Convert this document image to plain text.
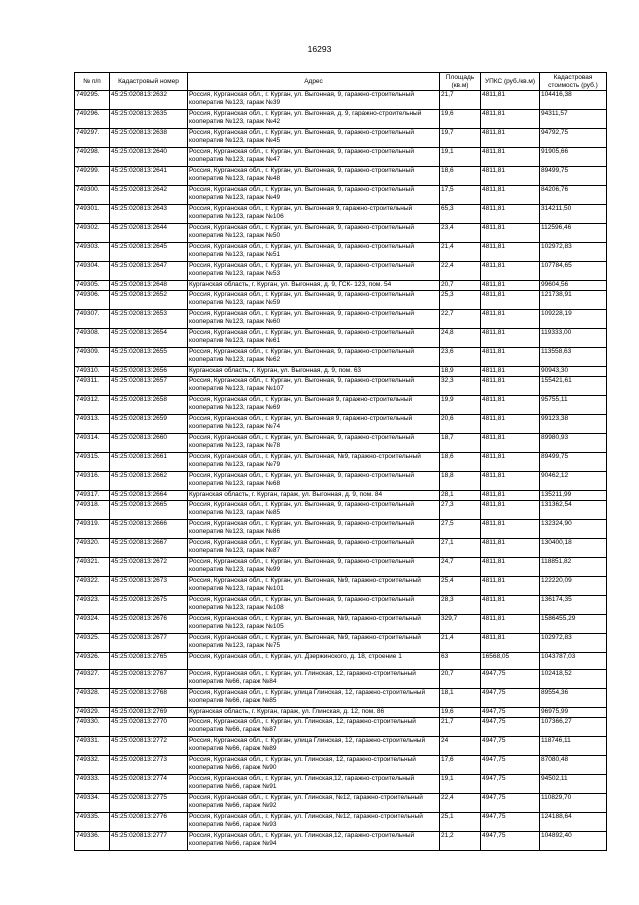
16293
№ п/п	Кадастровый номер	Адрес	Площадь (кв.м)	УПКС (руб./кв.м)	Кадастровая стоимость (руб.)
749295.	45:25:020813:2632	Россия, Курганская обл., г. Курган, ул. Выгонная, 9, гаражно-строительный кооператив №123, гараж №39	21,7	4811,81	104416,38
749296.	45:25:020813:2635	Россия, Курганская обл., г. Курган, ул. Выгонная, д. 9, гаражно-строительный кооператив №123, гараж №42	19,6	4811,81	94311,57
749297.	45:25:020813:2638	Россия, Курганская обл., г. Курган, ул. Выгонная, 9, гаражно-строительный кооператив №123, гараж №45	19,7	4811,81	94792,75
749298.	45:25:020813:2640	Россия, Курганская обл., г. Курган, ул. Выгонная, 9, гаражно-строительный кооператив №123, гараж №47	19,1	4811,81	91905,66
749299.	45:25:020813:2641	Россия, Курганская обл., г. Курган, ул. Выгонная, 9, гаражно-строительный кооператив №123, гараж №48	18,6	4811,81	89499,75
749300.	45:25:020813:2642	Россия, Курганская обл., г. Курган, ул. Выгонная, 9, гаражно-строительный кооператив №123, гараж №49	17,5	4811,81	84206,76
749301.	45:25:020813:2643	Россия, Курганская обл., г. Курган, ул. Выгонная 9, гаражно-строительный кооператив №123, гараж №106	65,3	4811,81	314211,50
749302.	45:25:020813:2644	Россия, Курганская обл., г. Курган, ул. Выгонная, 9, гаражно-строительный кооператив №123, гараж №50	23,4	4811,81	112596,46
749303.	45:25:020813:2645	Россия, Курганская обл., г. Курган, ул. Выгонная, 9, гаражно-строительный кооператив №123, гараж №51	21,4	4811,81	102972,83
749304.	45:25:020813:2647	Россия, Курганская обл., г. Курган, ул. Выгонная, 9, гаражно-строительный кооператив №123, гараж №53	22,4	4811,81	107784,65
749305.	45:25:020813:2648	Курганская область, г. Курган, ул. Выгонная, д. 9, ГСК- 123, пом. 54	20,7	4811,81	99604,56
749306.	45:25:020813:2652	Россия, Курганская обл., г. Курган, ул. Выгонная, 9, гаражно-строительный кооператив №123, гараж №59	25,3	4811,81	121738,91
749307.	45:25:020813:2653	Россия, Курганская обл., г. Курган, ул. Выгонная, 9, гаражно-строительный кооператив №123, гараж №60	22,7	4811,81	109228,19
749308.	45:25:020813:2654	Россия, Курганская обл., г. Курган, ул. Выгонная, 9, гаражно-строительный кооператив №123, гараж №61	24,8	4811,81	119333,00
749309.	45:25:020813:2655	Россия, Курганская обл., г. Курган, ул. Выгонная, 9, гаражно-строительный кооператив №123, гараж №62	23,6	4811,81	113558,63
749310.	45:25:020813:2656	Курганская область, г. Курган, ул. Выгонная, д. 9, пом. 63	18,9	4811,81	90943,30
749311.	45:25:020813:2657	Россия, Курганская обл., г. Курган, ул. Выгонная, 9, гаражно-строительный кооператив №123, гараж №107	32,3	4811,81	155421,61
749312.	45:25:020813:2658	Россия, Курганская обл., г. Курган, ул. Выгонная 9, гаражно-строительный кооператив №123, гараж №69	19,9	4811,81	95755,11
749313.	45:25:020813:2659	Россия, Курганская обл., г. Курган, ул. Выгонная 9, гаражно-строительный кооператив №123, гараж №74	20,6	4811,81	99123,38
749314.	45:25:020813:2660	Россия, Курганская обл., г. Курган, ул. Выгонная, 9, гаражно-строительный кооператив №123, гараж №78	18,7	4811,81	89980,93
749315.	45:25:020813:2661	Россия, Курганская обл., г. Курган, ул. Выгонная, №9, гаражно-строительный кооператив №123, гараж №79	18,6	4811,81	89499,75
749316.	45:25:020813:2662	Россия, Курганская обл., г. Курган, ул. Выгонная, 9, гаражно-строительный кооператив №123, гараж №68	18,8	4811,81	90462,12
749317.	45:25:020813:2664	Курганская область, г. Курган, гараж, ул. Выгонная, д. 9, пом. 84	28,1	4811,81	135211,99
749318.	45:25:020813:2665	Россия, Курганская обл., г. Курган, ул. Выгонная, 9, гаражно-строительный кооператив №123, гараж №85	27,3	4811,81	131362,54
749319.	45:25:020813:2666	Россия, Курганская обл., г. Курган, ул. Выгонная, 9, гаражно-строительный кооператив №123, гараж №86	27,5	4811,81	132324,90
749320.	45:25:020813:2667	Россия, Курганская обл., г. Курган, ул. Выгонная, 9, гаражно-строительный кооператив №123, гараж №87	27,1	4811,81	130400,18
749321.	45:25:020813:2672	Россия, Курганская обл., г. Курган, ул. Выгонная, 9, гаражно-строительный кооператив №123, гараж №99	24,7	4811,81	118851,82
749322.	45:25:020813:2673	Россия, Курганская обл., г. Курган, ул. Выгонная, №9, гаражно-строительный кооператив №123, гараж №101	25,4	4811,81	122220,09
749323.	45:25:020813:2675	Россия, Курганская обл., г. Курган, ул. Выгонная, 9, гаражно-строительный кооператив №123, гараж №108	28,3	4811,81	136174,35
749324.	45:25:020813:2676	Россия, Курганская обл., г. Курган, ул. Выгонная, №9, гаражно-строительный кооператив №123, гараж №105	329,7	4811,81	1586455,29
749325.	45:25:020813:2677	Россия, Курганская обл., г. Курган, ул. Выгонная, №9, гаражно-строительный кооператив №123, гараж №75	21,4	4811,81	102972,83
749326.	45:25:020813:2765	Россия, Курганская обл., г. Курган, ул. Дзержинского, д. 18, строение 1	63	16568,05	1043787,03
749327.	45:25:020813:2767	Россия, Курганская обл., г. Курган, ул. Глинская, 12, гаражно-строительный кооператив №66, гараж №84	20,7	4947,75	102418,52
749328.	45:25:020813:2768	Россия, Курганская обл., г. Курган, улица Глинская, 12, гаражно-строительный кооператив №66, гараж №85	18,1	4947,75	89554,36
749329.	45:25:020813:2769	Курганская область, г. Курган, гараж, ул. Глинская, д. 12, пом. 86	19,6	4947,75	96975,99
749330.	45:25:020813:2770	Россия, Курганская обл., г. Курган, ул. Глинская, 12, гаражно-строительный кооператив №66, гараж №87	21,7	4947,75	107366,27
749331.	45:25:020813:2772	Россия, Курганская обл., г. Курган, улица Глинская, 12, гаражно-строительный кооператив №66, гараж №89	24	4947,75	118746,11
749332.	45:25:020813:2773	Россия, Курганская обл., г. Курган, ул. Глинская, 12, гаражно-строительный кооператив №66, гараж №90	17,6	4947,75	87080,48
749333.	45:25:020813:2774	Россия, Курганская обл., г. Курган, ул. Глинская,12, гаражно-строительный кооператив №66, гараж №91	19,1	4947,75	94502,11
749334.	45:25:020813:2775	Россия, Курганская обл., г. Курган, ул. Глинская, №12, гаражно-строительный кооператив №66, гараж №92	22,4	4947,75	110829,70
749335.	45:25:020813:2776	Россия, Курганская обл., г. Курган, ул. Глинская, №12, гаражно-строительный кооператив №66, гараж №93	25,1	4947,75	124188,64
749336.	45:25:020813:2777	Россия, Курганская обл., г. Курган, ул. Глинская,12, гаражно-строительный кооператив №66, гараж №94	21,2	4947,75	104892,40
